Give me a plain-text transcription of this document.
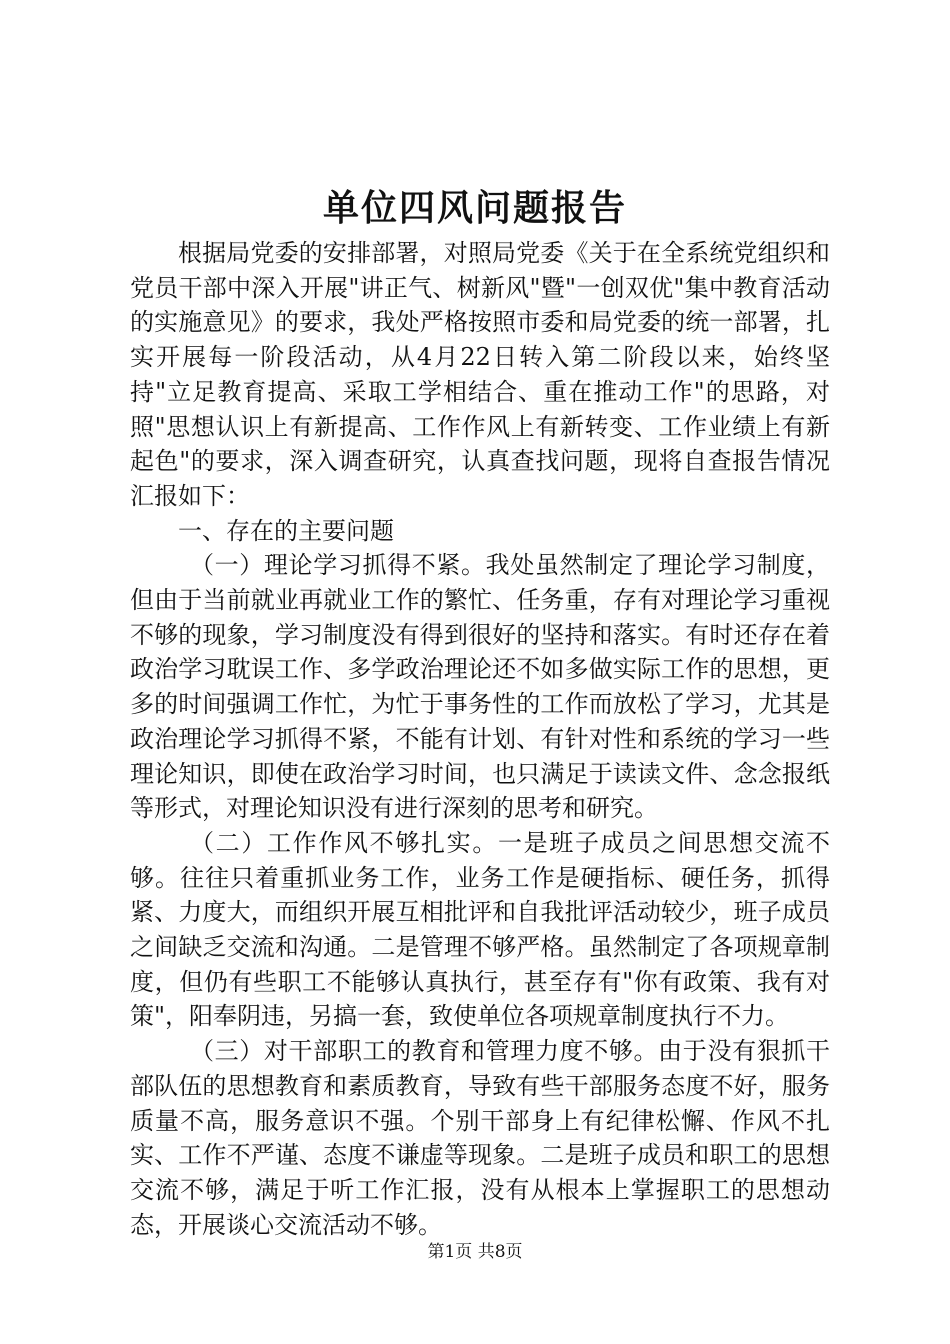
单位四风问题报告

根据局党委的安排部署，对照局党委《关于在全系统党组织和党员干部中深入开展"讲正气、树新风"暨"一创双优"集中教育活动的实施意见》的要求，我处严格按照市委和局党委的统一部署，扎实开展每一阶段活动，从4月22日转入第二阶段以来，始终坚持"立足教育提高、采取工学相结合、重在推动工作"的思路，对照"思想认识上有新提高、工作作风上有新转变、工作业绩上有新起色"的要求，深入调查研究，认真查找问题，现将自查报告情况汇报如下：

一、存在的主要问题

（一）理论学习抓得不紧。我处虽然制定了理论学习制度，但由于当前就业再就业工作的繁忙、任务重，存有对理论学习重视不够的现象，学习制度没有得到很好的坚持和落实。有时还存在着政治学习耽误工作、多学政治理论还不如多做实际工作的思想，更多的时间强调工作忙，为忙于事务性的工作而放松了学习，尤其是政治理论学习抓得不紧，不能有计划、有针对性和系统的学习一些理论知识，即使在政治学习时间，也只满足于读读文件、念念报纸等形式，对理论知识没有进行深刻的思考和研究。

（二）工作作风不够扎实。一是班子成员之间思想交流不够。往往只着重抓业务工作，业务工作是硬指标、硬任务，抓得紧、力度大，而组织开展互相批评和自我批评活动较少，班子成员之间缺乏交流和沟通。二是管理不够严格。虽然制定了各项规章制度，但仍有些职工不能够认真执行，甚至存有"你有政策、我有对策"，阳奉阴违，另搞一套，致使单位各项规章制度执行不力。

（三）对干部职工的教育和管理力度不够。由于没有狠抓干部队伍的思想教育和素质教育，导致有些干部服务态度不好，服务质量不高，服务意识不强。个别干部身上有纪律松懈、作风不扎实、工作不严谨、态度不谦虚等现象。二是班子成员和职工的思想交流不够，满足于听工作汇报，没有从根本上掌握职工的思想动态，开展谈心交流活动不够。

第1页 共8页
